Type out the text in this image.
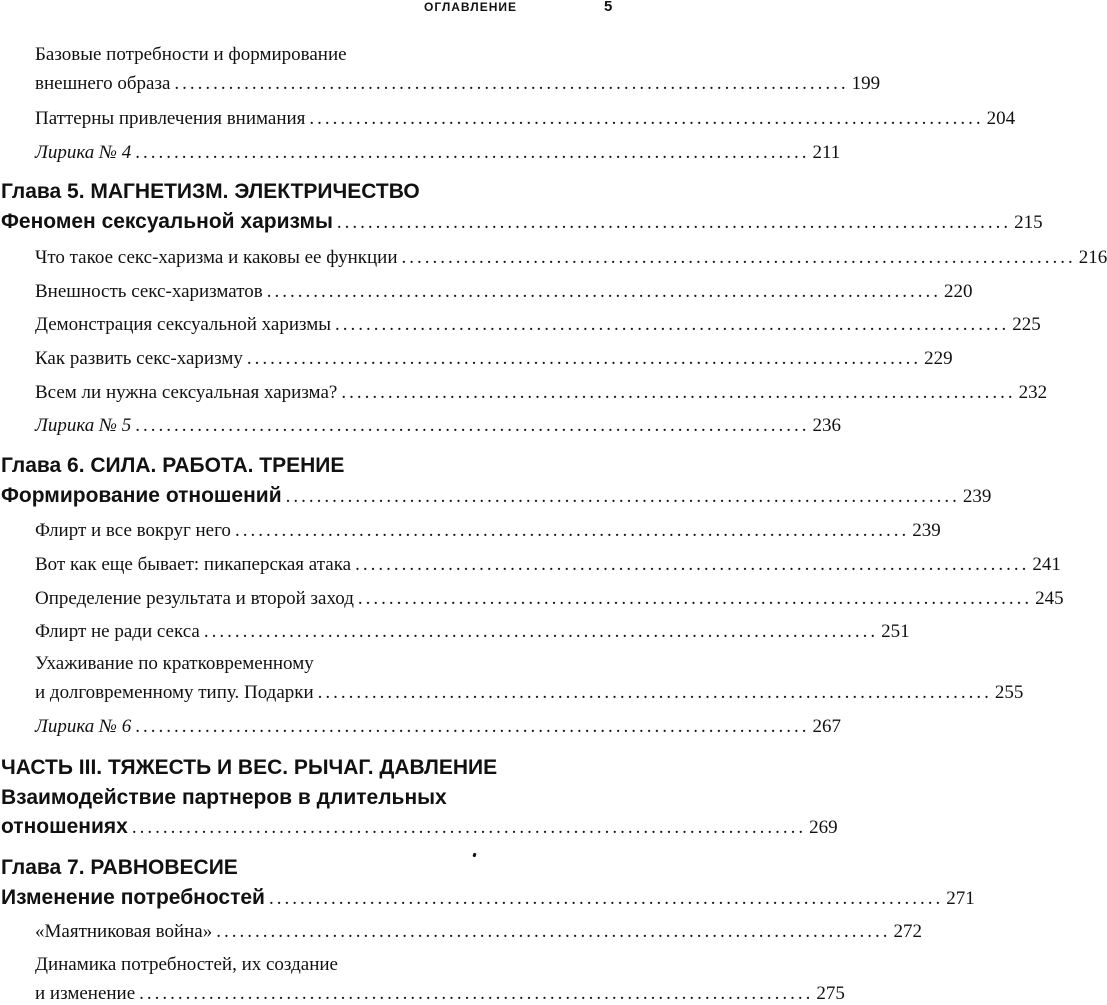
ОГЛАВЛЕНИЕ	5
Базовые потребности и формирование
внешнего образа ....................................................................................... 199
Паттерны привлечения внимания ....................................................................................... 204
Лирика № 4 ....................................................................................... 211
Глава 5. МАГНЕТИЗМ. ЭЛЕКТРИЧЕСТВО
Феномен сексуальной харизмы ....................................................................................... 215
Что такое секс-харизма и каковы ее функции ....................................................................................... 216
Внешность секс-харизматов ....................................................................................... 220
Демонстрация сексуальной харизмы ....................................................................................... 225
Как развить секс-харизму ....................................................................................... 229
Всем ли нужна сексуальная харизма? ....................................................................................... 232
Лирика № 5 ....................................................................................... 236
Глава 6. СИЛА. РАБОТА. ТРЕНИЕ
Формирование отношений ....................................................................................... 239
Флирт и все вокруг него ....................................................................................... 239
Вот как еще бывает: пикаперская атака ....................................................................................... 241
Определение результата и второй заход ....................................................................................... 245
Флирт не ради секса ....................................................................................... 251
Ухаживание по кратковременному
и долговременному типу. Подарки ....................................................................................... 255
Лирика № 6 ....................................................................................... 267
ЧАСТЬ III. ТЯЖЕСТЬ И ВЕС. РЫЧАГ. ДАВЛЕНИЕ
Взаимодействие партнеров в длительных
отношениях ....................................................................................... 269
Глава 7. РАВНОВЕСИЕ
Изменение потребностей ....................................................................................... 271
«Маятниковая война» ....................................................................................... 272
Динамика потребностей, их создание
и изменение ....................................................................................... 275
